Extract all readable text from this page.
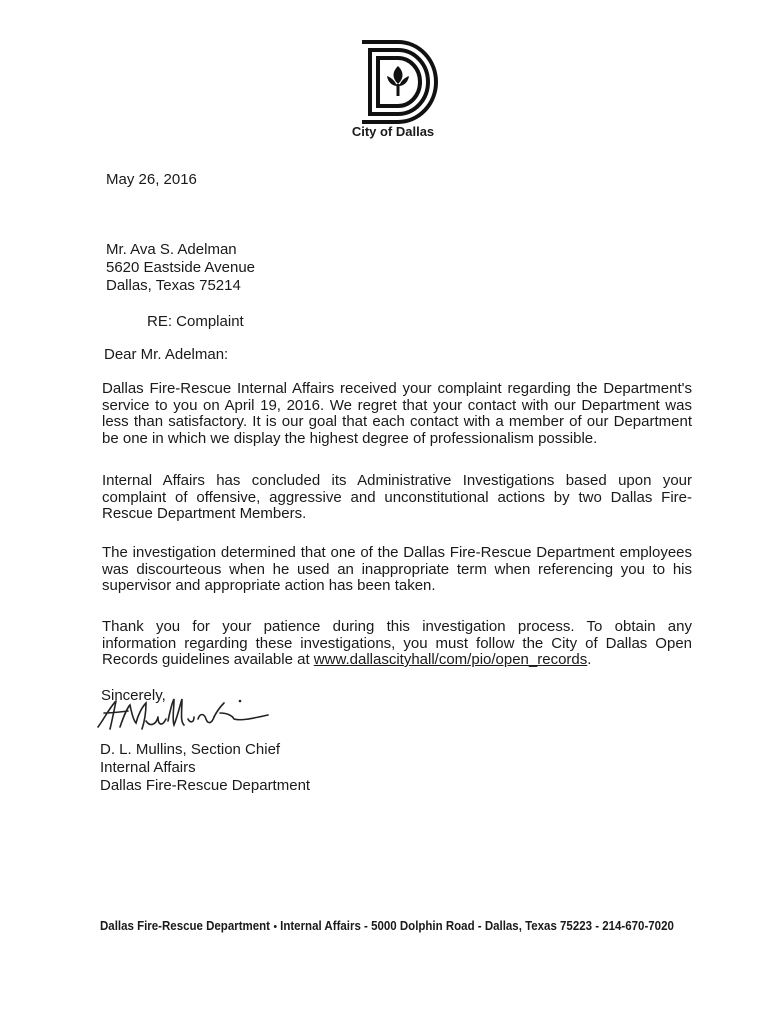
City of Dallas
May 26, 2016
Mr. Ava S. Adelman
5620 Eastside Avenue
Dallas, Texas 75214
RE: Complaint
Dear Mr. Adelman:
Dallas Fire-Rescue Internal Affairs received your complaint regarding the Department's
service to you on April 19, 2016. We regret that your contact with our Department was
less than satisfactory. It is our goal that each contact with a member of our Department
be one in which we display the highest degree of professionalism possible.
Internal Affairs has concluded its Administrative Investigations based upon your
complaint of offensive, aggressive and unconstitutional actions by two Dallas Fire-
Rescue Department Members.
The investigation determined that one of the Dallas Fire-Rescue Department employees
was discourteous when he used an inappropriate term when referencing you to his
supervisor and appropriate action has been taken.
Thank you for your patience during this investigation process. To obtain any
information regarding these investigations, you must follow the City of Dallas Open
Records guidelines available at www.dallascityhall/com/pio/open_records.
Sincerely,
D. L. Mullins, Section Chief
Internal Affairs
Dallas Fire-Rescue Department
Dallas Fire-Rescue Department Internal Affairs - 5000 Dolphin Road - Dallas, Texas 75223 - 214-670-7020
